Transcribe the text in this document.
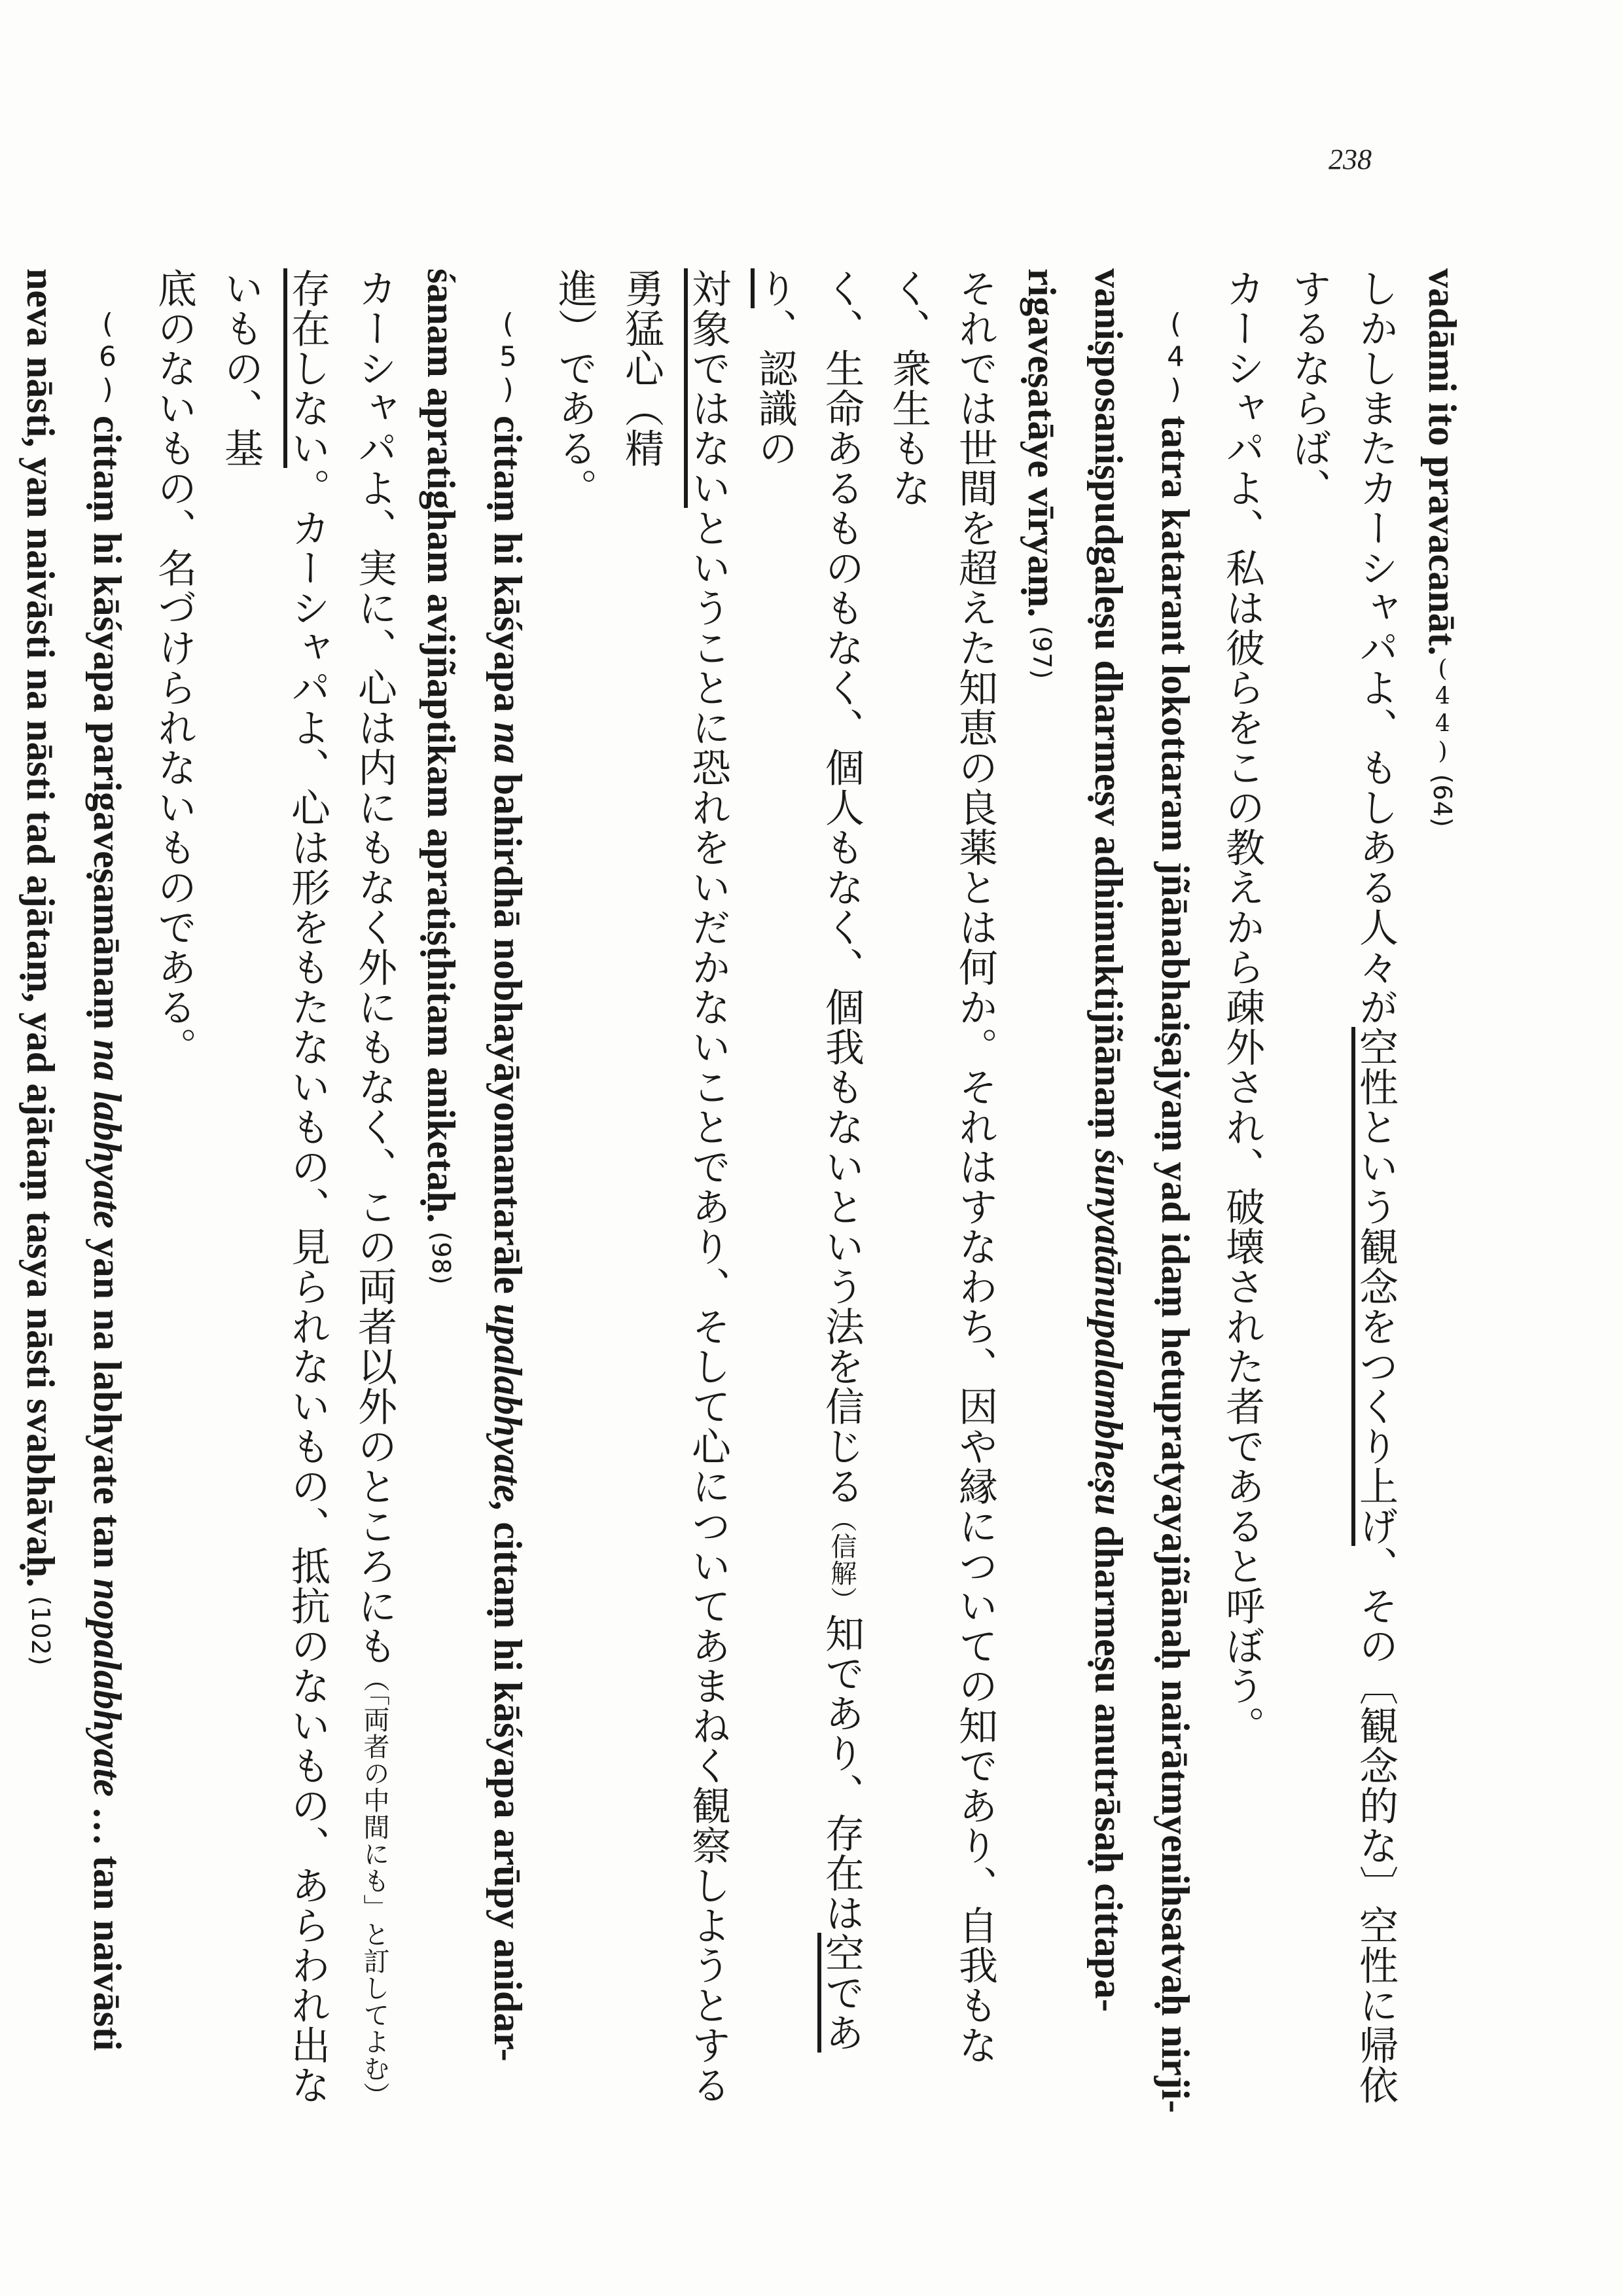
238
vadāmi ito pravacanāt.(44) (64)
しかしまたカーシャパよ、もしある人々が空性という観念をつくり上げ、その〔観念的な〕空性に帰依するならば、
カーシャパよ、私は彼らをこの教えから疎外され、破壊された者であると呼ぼう。
(4) tatra katarant lokottaram jñānabhaiṣajyaṃ yad idaṃ hetupratyayajñānaḥ nairātmyenihsatvaḥ nirji-
vaniṣposaniṣpudgaleṣu dharmeṣv adhimuktijñānaṃ śunyatānupalambheṣu dharmeṣu anutrāsaḥ cittapa-
rigaveṣatāye vīryaṃ. (97)
それでは世間を超えた知恵の良薬とは何か。それはすなわち、因や縁についての知であり、自我もなく、衆生もな
く、生命あるものもなく、個人もなく、個我もないという法を信じる（信解）知であり、存在は空であり、認識の
対象ではないということに恐れをいだかないことであり、そして心についてあまねく観察しようとする勇猛心（精
進）である。
(5) cittaṃ hi kāśyapa na bahirdhā nobhayāyomantarāle upalabhyate, cittaṃ hi kāśyapa arūpy anidar-
śanam apratigham avijñaptikam apratiṣṭhitam aniketaḥ. (98)
カーシャパよ、実に、心は内にもなく外にもなく、この両者以外のところにも（「両者の中間にも」と訂してよむ）
存在しない。カーシャパよ、心は形をもたないもの、見られないもの、抵抗のないもの、あらわれ出ないもの、基
底のないもの、名づけられないものである。
(6) cittaṃ hi kāśyapa parigaveṣamānaṃ na labhyate yan na labhyate tan nopalabhyate … tan naivāsti
neva nāsti, yan naivāsti na nāsti tad ajātaṃ, yad ajātaṃ tasya nāsti svabhāvaḥ. (102)
